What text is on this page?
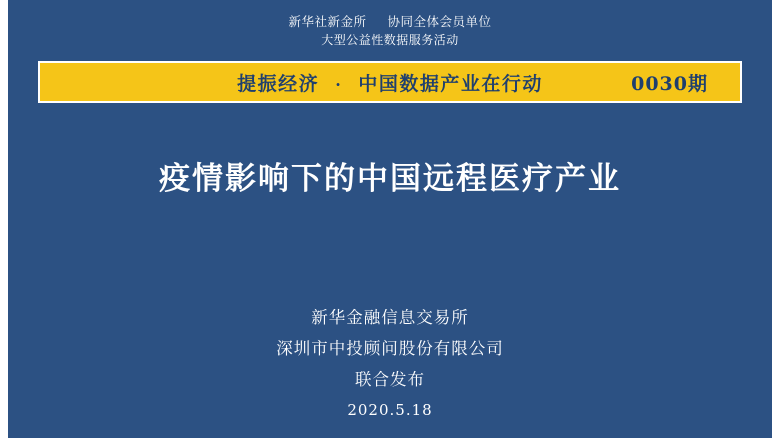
新华社新金所 协同全体会员单位
大型公益性数据服务活动
提振经济 · 中国数据产业在行动	0030期
疫情影响下的中国远程医疗产业
新华金融信息交易所
深圳市中投顾问股份有限公司
联合发布
2020.5.18
